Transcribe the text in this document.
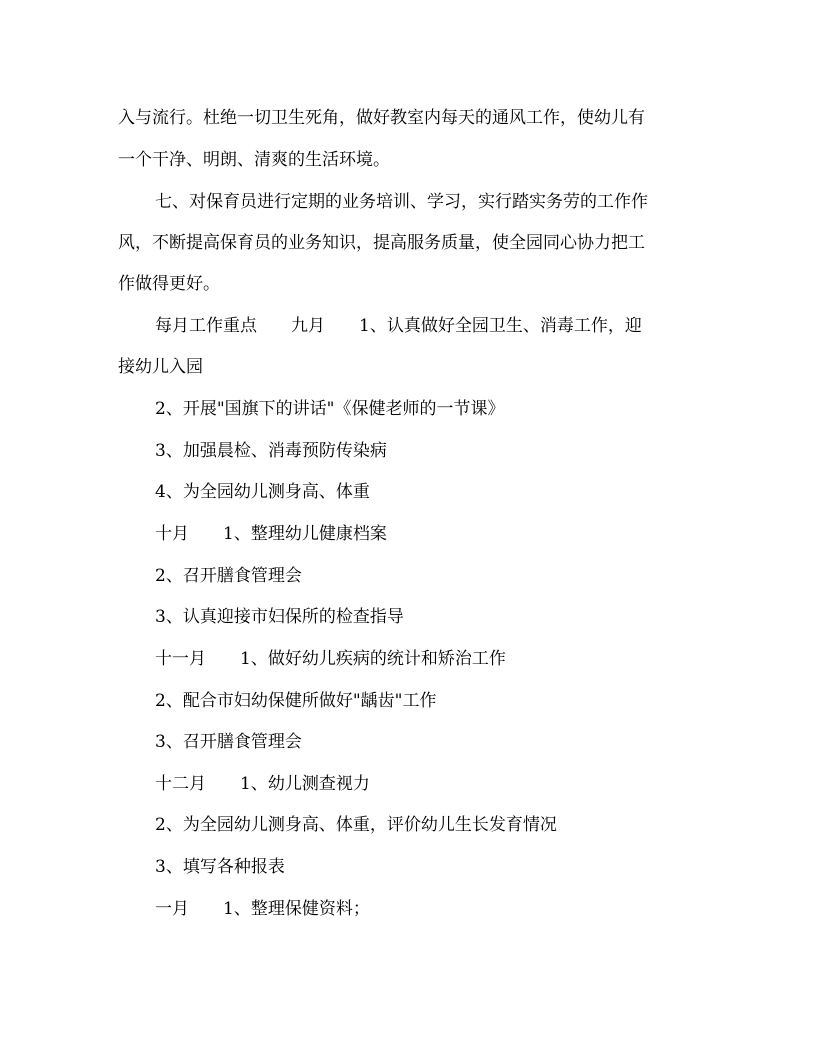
入与流行。杜绝一切卫生死角，做好教室内每天的通风工作，使幼儿有
一个干净、明朗、清爽的生活环境。
七、对保育员进行定期的业务培训、学习，实行踏实务劳的工作作
风，不断提高保育员的业务知识，提高服务质量，使全园同心协力把工
作做得更好。
每月工作重点　　九月　　1、认真做好全园卫生、消毒工作，迎
接幼儿入园
2、开展"国旗下的讲话"《保健老师的一节课》
3、加强晨检、消毒预防传染病
4、为全园幼儿测身高、体重
十月　　1、整理幼儿健康档案
2、召开膳食管理会
3、认真迎接市妇保所的检查指导
十一月　　1、做好幼儿疾病的统计和矫治工作
2、配合市妇幼保健所做好"龋齿"工作
3、召开膳食管理会
十二月　　1、幼儿测查视力
2、为全园幼儿测身高、体重，评价幼儿生长发育情况
3、填写各种报表
一月　　1、整理保健资料；
